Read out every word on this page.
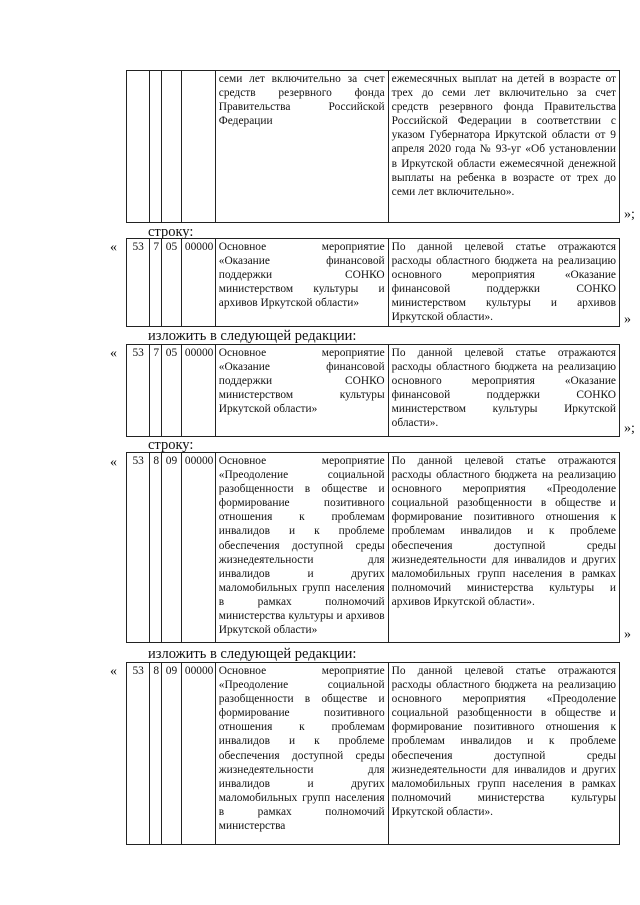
				семи лет включительно за счет средств резервного фонда Правительства Российской Федерации	ежемесячных выплат на детей в возрасте от трех до семи лет включительно за счет средств резервного фонда Правительства Российской Федерации в соответствии с указом Губернатора Иркутской области от 9 апреля 2020 года № 93-уг «Об установлении в Иркутской области ежемесячной денежной выплаты на ребенка в возрасте от трех до семи лет включительно».
»;
строку:
« 53	7	05	00000	Основное мероприятие «Оказание финансовой поддержки СОНКО министерством культуры и архивов Иркутской области»	По данной целевой статье отражаются расходы областного бюджета на реализацию основного мероприятия «Оказание финансовой поддержки СОНКО министерством культуры и архивов Иркутской области».	»
изложить в следующей редакции:
« 53	7	05	00000	Основное мероприятие «Оказание финансовой поддержки СОНКО министерством культуры Иркутской области»	По данной целевой статье отражаются расходы областного бюджета на реализацию основного мероприятия «Оказание финансовой поддержки СОНКО министерством культуры Иркутской области».	»;
строку:
« 53	8	09	00000	Основное мероприятие «Преодоление социальной разобщенности в обществе и формирование позитивного отношения к проблемам инвалидов и к проблеме обеспечения доступной среды жизнедеятельности для инвалидов и других маломобильных групп населения в рамках полномочий министерства культуры и архивов Иркутской области»	По данной целевой статье отражаются расходы областного бюджета на реализацию основного мероприятия «Преодоление социальной разобщенности в обществе и формирование позитивного отношения к проблемам инвалидов и к проблеме обеспечения доступной среды жизнедеятельности для инвалидов и других маломобильных групп населения в рамках полномочий министерства культуры и архивов Иркутской области».
»
изложить в следующей редакции:
« 53	8	09	00000	Основное мероприятие «Преодоление социальной разобщенности в обществе и формирование позитивного отношения к проблемам инвалидов и к проблеме обеспечения доступной среды жизнедеятельности для инвалидов и других маломобильных групп населения в рамках полномочий министерства	По данной целевой статье отражаются расходы областного бюджета на реализацию основного мероприятия «Преодоление социальной разобщенности в обществе и формирование позитивного отношения к проблемам инвалидов и к проблеме обеспечения доступной среды жизнедеятельности для инвалидов и других маломобильных групп населения в рамках полномочий министерства культуры Иркутской области».
